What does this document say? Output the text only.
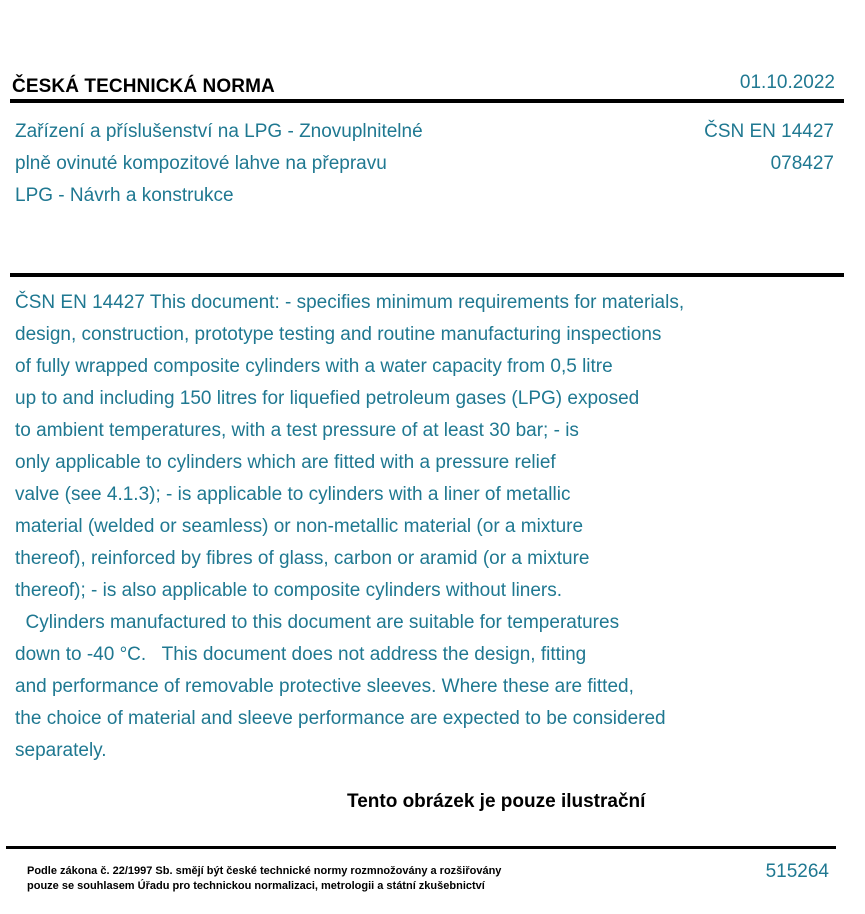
ČESKÁ TECHNICKÁ NORMA	01.10.2022
Zařízení a příslušenství na LPG - Znovuplnitelné
plně ovinuté kompozitové lahve na přepravu
LPG - Návrh a konstrukce
ČSN EN 14427
078427
ČSN EN 14427 This document: - specifies minimum requirements for materials,
design, construction, prototype testing and routine manufacturing inspections
of fully wrapped composite cylinders with a water capacity from 0,5 litre
up to and including 150 litres for liquefied petroleum gases (LPG) exposed
to ambient temperatures, with a test pressure of at least 30 bar; - is
only applicable to cylinders which are fitted with a pressure relief
valve (see 4.1.3); - is applicable to cylinders with a liner of metallic
material (welded or seamless) or non-metallic material (or a mixture
thereof), reinforced by fibres of glass, carbon or aramid (or a mixture
thereof); - is also applicable to composite cylinders without liners.
Cylinders manufactured to this document are suitable for temperatures
down to -40 °C.   This document does not address the design, fitting
and performance of removable protective sleeves. Where these are fitted,
the choice of material and sleeve performance are expected to be considered
separately.
Tento obrázek je pouze ilustrační
Podle zákona č. 22/1997 Sb. smějí být české technické normy rozmnožovány a rozšiřovány
pouze se souhlasem Úřadu pro technickou normalizaci, metrologii a státní zkušebnictví
515264
